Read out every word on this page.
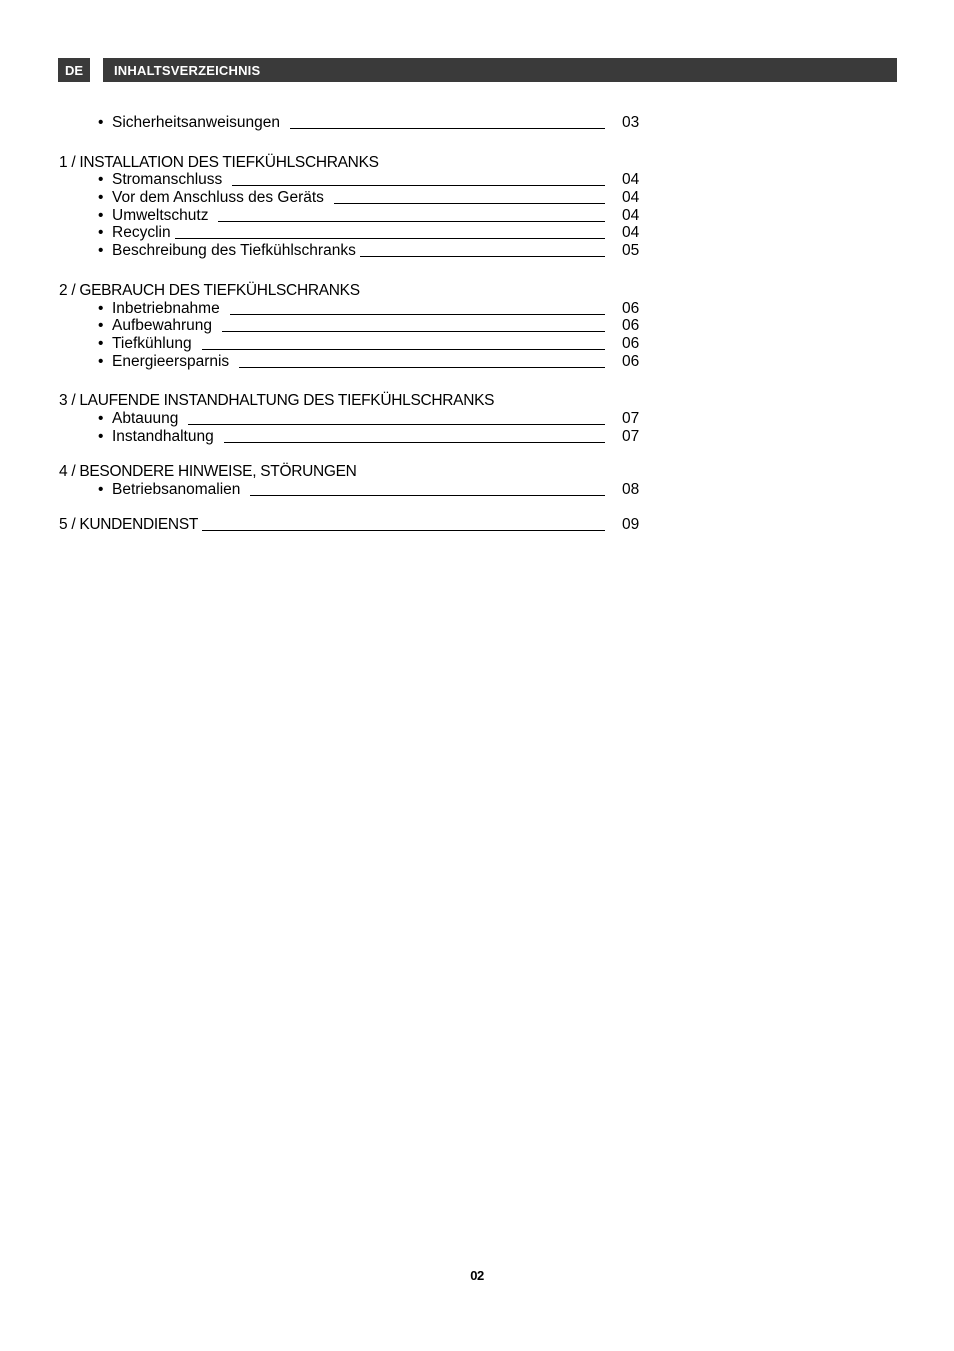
DE	INHALTSVERZEICHNIS
• Sicherheitsanweisungen	03
1 / INSTALLATION DES TIEFKÜHLSCHRANKS
• Stromanschluss	04
• Vor dem Anschluss des Geräts	04
• Umweltschutz	04
• Recyclin	04
• Beschreibung des Tiefkühlschranks	05
2 / GEBRAUCH DES TIEFKÜHLSCHRANKS
• Inbetriebnahme	06
• Aufbewahrung	06
• Tiefkühlung	06
• Energieersparnis	06
3 / LAUFENDE INSTANDHALTUNG DES TIEFKÜHLSCHRANKS
• Abtauung	07
• Instandhaltung	07
4 / BESONDERE HINWEISE, STÖRUNGEN
• Betriebsanomalien	08
5 / KUNDENDIENST	09
02
